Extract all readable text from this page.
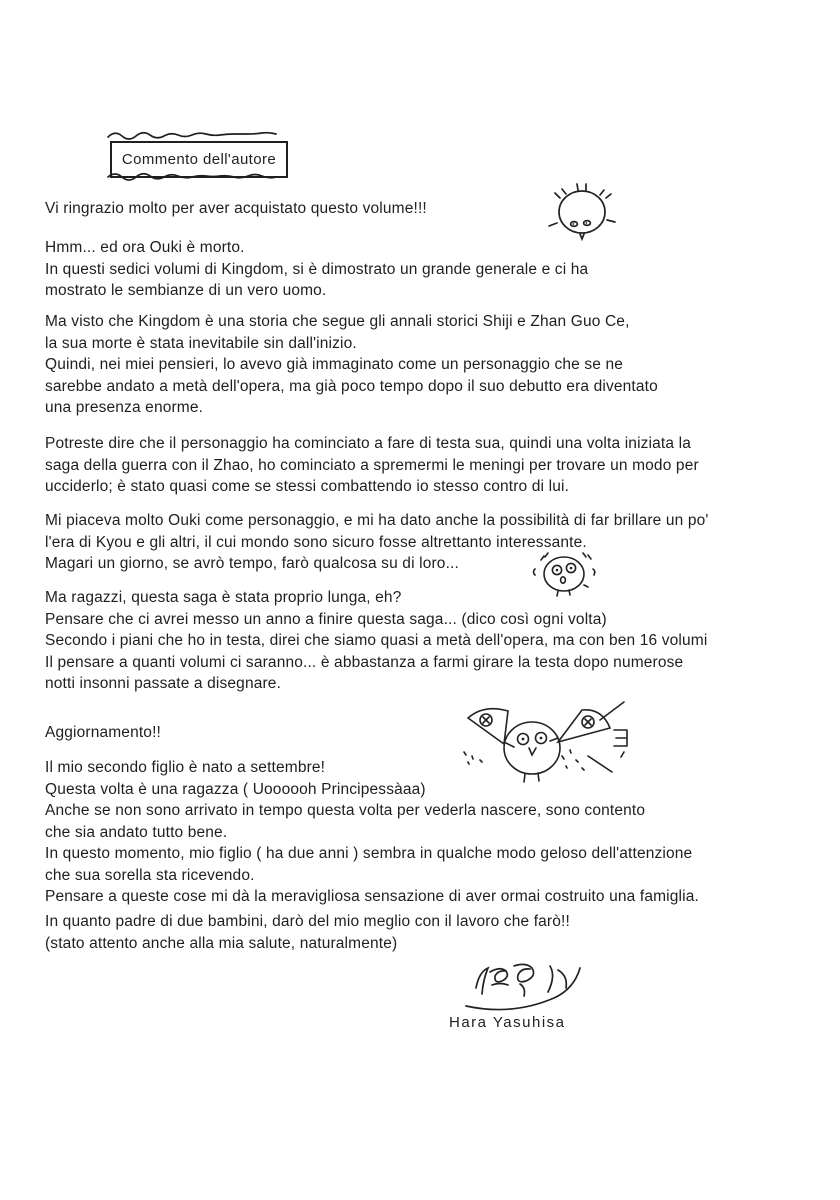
Commento dell'autore
Vi ringrazio molto per aver acquistato questo volume!!!
Hmm... ed ora Ouki è morto.
In questi sedici volumi di Kingdom, si è dimostrato un grande generale e ci ha
mostrato le sembianze di un vero uomo.
Ma visto che Kingdom è una storia che segue gli annali storici Shiji e Zhan Guo Ce,
la sua morte è stata inevitabile sin dall'inizio.
Quindi, nei miei pensieri, lo avevo già immaginato come un personaggio che se ne
sarebbe andato a metà dell'opera, ma già poco tempo dopo il suo debutto era diventato
una presenza enorme.
Potreste dire che il personaggio ha cominciato a fare di testa sua, quindi una volta iniziata la
saga della guerra con il Zhao, ho cominciato a spremermi le meningi per trovare un modo per
ucciderlo; è stato quasi come se stessi combattendo io stesso contro di lui.
Mi piaceva molto Ouki come personaggio, e mi ha dato anche la possibilità di far brillare un po'
l'era di Kyou e gli altri, il cui mondo sono sicuro fosse altrettanto interessante.
Magari un giorno, se avrò tempo, farò qualcosa su di loro...
Ma ragazzi, questa saga è stata proprio lunga, eh?
Pensare che ci avrei messo un anno a finire questa saga... (dico così ogni volta)
Secondo i piani che ho in testa, direi che siamo quasi a metà dell'opera, ma con ben 16 volumi
Il pensare a quanti volumi ci saranno... è abbastanza a farmi girare la testa dopo numerose
notti insonni passate a disegnare.
Aggiornamento!!
Il mio secondo figlio è nato a settembre!
Questa volta è una ragazza ( Uoooooh Principessàaa)
Anche se non sono arrivato in tempo questa volta per vederla nascere, sono contento
che sia andato tutto bene.
In questo momento, mio figlio ( ha due anni ) sembra in qualche modo geloso dell'attenzione
che sua sorella sta ricevendo.
Pensare a queste cose mi dà la meravigliosa sensazione di aver ormai costruito una famiglia.
In quanto padre di due bambini, darò del mio meglio con il lavoro che farò!!
(stato attento anche alla mia salute, naturalmente)
Hara Yasuhisa
